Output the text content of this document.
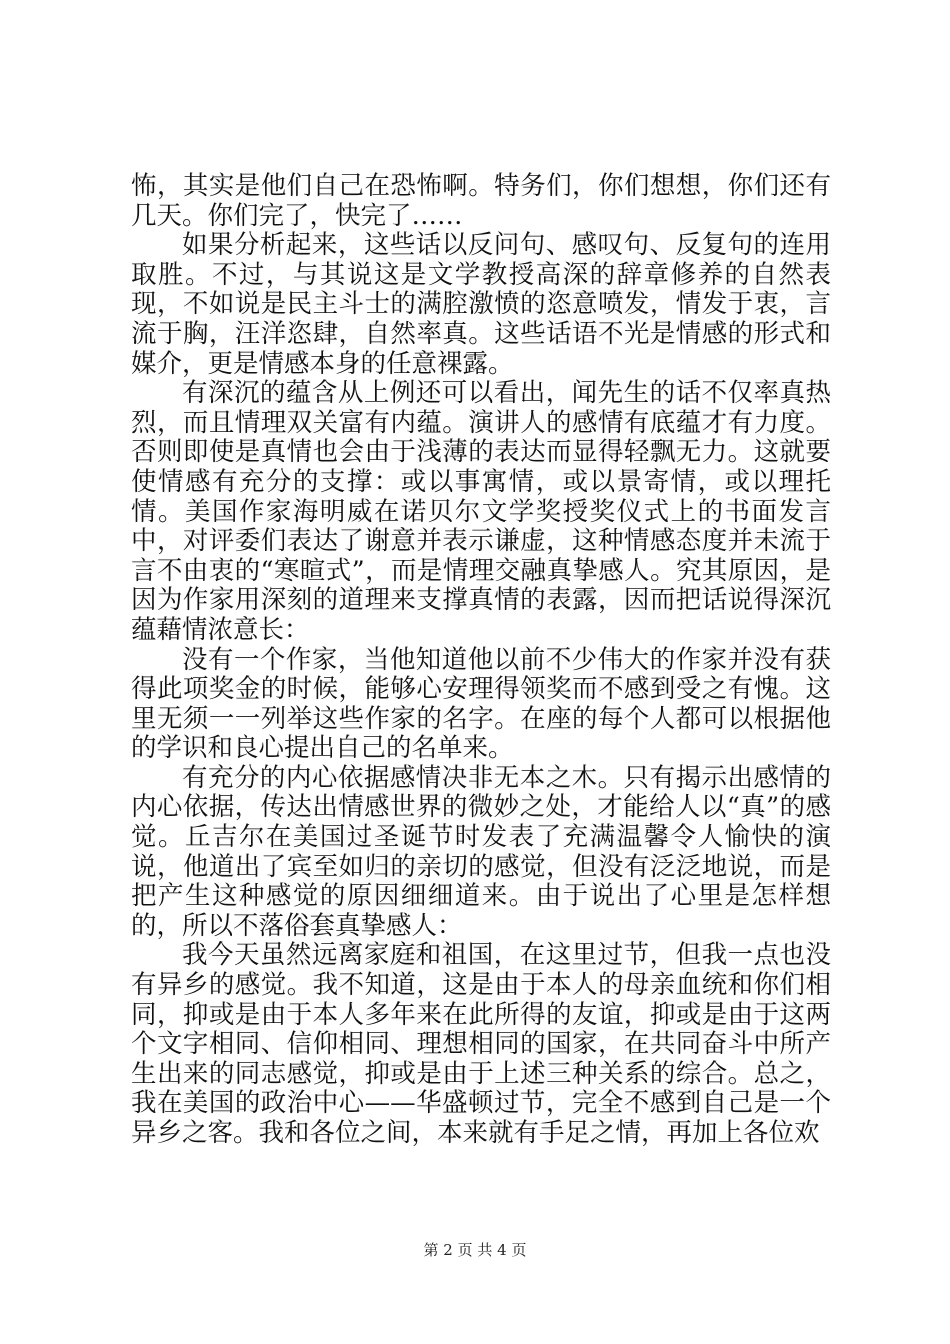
怖，其实是他们自己在恐怖啊。特务们，你们想想，你们还有几天。你们完了，快完了……

如果分析起来，这些话以反问句、感叹句、反复句的连用取胜。不过，与其说这是文学教授高深的辞章修养的自然表现，不如说是民主斗士的满腔激愤的恣意喷发，情发于衷，言流于胸，汪洋恣肆，自然率真。这些话语不光是情感的形式和媒介，更是情感本身的任意裸露。

有深沉的蕴含从上例还可以看出，闻先生的话不仅率真热烈，而且情理双关富有内蕴。演讲人的感情有底蕴才有力度。否则即使是真情也会由于浅薄的表达而显得轻飘无力。这就要使情感有充分的支撑：或以事寓情，或以景寄情，或以理托情。美国作家海明威在诺贝尔文学奖授奖仪式上的书面发言中，对评委们表达了谢意并表示谦虚，这种情感态度并未流于言不由衷的“寒暄式”，而是情理交融真挚感人。究其原因，是因为作家用深刻的道理来支撑真情的表露，因而把话说得深沉蕴藉情浓意长：

没有一个作家，当他知道他以前不少伟大的作家并没有获得此项奖金的时候，能够心安理得领奖而不感到受之有愧。这里无须一一列举这些作家的名字。在座的每个人都可以根据他的学识和良心提出自己的名单来。

有充分的内心依据感情决非无本之木。只有揭示出感情的内心依据，传达出情感世界的微妙之处，才能给人以“真”的感觉。丘吉尔在美国过圣诞节时发表了充满温馨令人愉快的演说，他道出了宾至如归的亲切的感觉，但没有泛泛地说，而是把产生这种感觉的原因细细道来。由于说出了心里是怎样想的，所以不落俗套真挚感人：

我今天虽然远离家庭和祖国，在这里过节，但我一点也没有异乡的感觉。我不知道，这是由于本人的母亲血统和你们相同，抑或是由于本人多年来在此所得的友谊，抑或是由于这两个文字相同、信仰相同、理想相同的国家，在共同奋斗中所产生出来的同志感觉，抑或是由于上述三种关系的综合。总之，我在美国的政治中心——华盛顿过节，完全不感到自己是一个异乡之客。我和各位之间，本来就有手足之情，再加上各位欢

第 2 页 共 4 页
